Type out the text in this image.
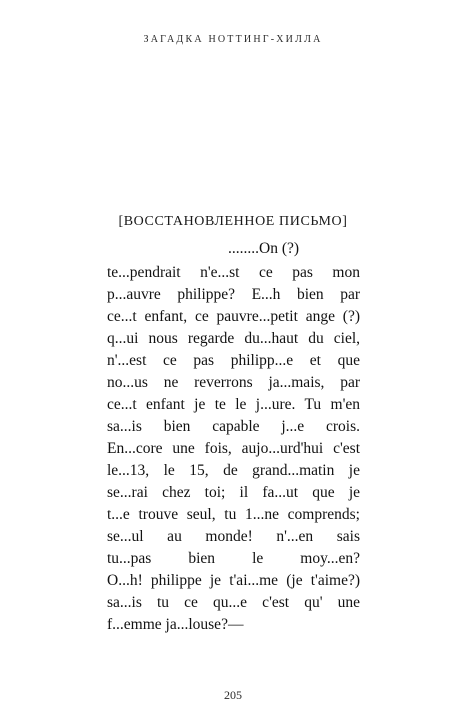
ЗАГАДКА НОТТИНГ-ХИЛЛА
[ВОССТАНОВЛЕННОЕ ПИСЬМО]
........On (?)
te...pendrait n'e...st ce pas mon
p...auvre philippe? E...h bien par
ce...t enfant, ce pauvre...petit ange (?)
q...ui nous regarde du...haut du ciel,
n'...est ce pas philipp...e et que
no...us ne reverrons ja...mais, par
ce...t enfant je te le j...ure. Tu m'en
sa...is bien capable j...e crois.
En...core une fois, aujo...urd'hui c'est
le...13, le 15, de grand...matin je
se...rai chez toi; il fa...ut que je
t...e trouve seul, tu 1...ne comprends;
se...ul au monde! n'...en sais
tu...pas bien le moy...en?
O...h! philippe je t'ai...me (je t'aime?)
sa...is tu ce qu...e c'est qu' une
f...emme ja...louse?—
205
